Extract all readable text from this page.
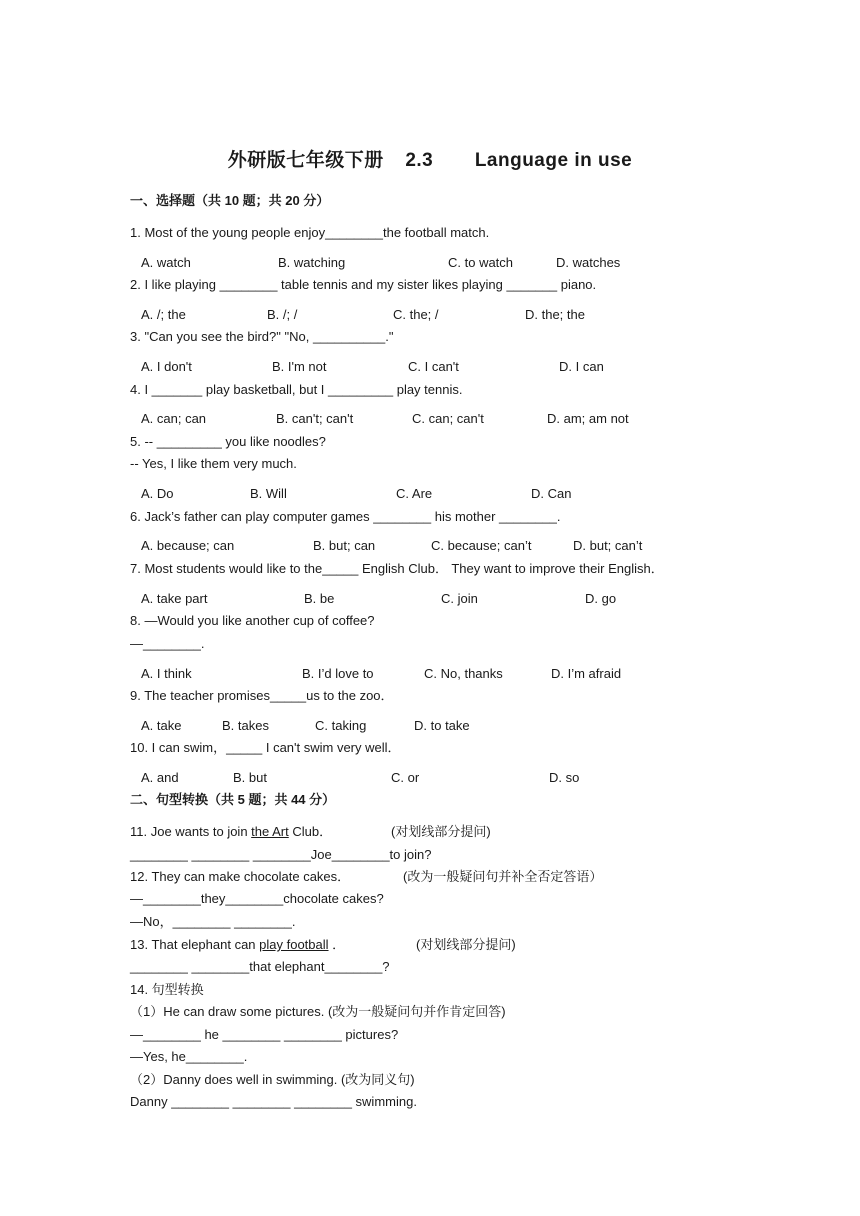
外研版七年级下册 2.3 Language in use
一、选择题（共 10 题；共 20 分）
1. Most of the young people enjoy________the football match.
A. watch	B. watching	C. to watch	D. watches
2. I like playing ________ table tennis and my sister likes playing _______ piano.
A. /; the	B. /; /	C. the; /	D. the; the
3. "Can you see the bird?" "No, __________."
A. I don't	B. I'm not	C. I can't	D. I can
4. I _______ play basketball, but I _________ play tennis.
A. can; can	B. can't; can't	C. can; can't	D. am; am not
5. -- _________ you like noodles?
-- Yes, I like them very much.
A. Do	B. Will	C. Are	D. Can
6. Jack’s father can play computer games ________ his mother ________.
A. because; can	B. but; can	C. because; can’t	D. but; can’t
7. Most students would like to the_____ English Club． They want to improve their English．
A. take part	B. be	C. join	D. go
8. —Would you like another cup of coffee?
—________.
A. I think	B. I’d love to	C. No, thanks	D. I’m afraid
9. The teacher promises_____us to the zoo．
A. take	B. takes	C. taking	D. to take
10. I can swim，_____ I can't swim very well．
A. and	B. but	C. or	D. so
二、句型转换（共 5 题；共 44 分）
11. Joe wants to join the Art Club．	(对划线部分提问)
________ ________ ________Joe________to join?
12. They can make chocolate cakes．	(改为一般疑问句并补全否定答语）
—________they________chocolate cakes?
—No，________ ________.
13. That elephant can play football ．	(对划线部分提问)
________ ________that elephant________?
14. 句型转换
（1）He can draw some pictures. (改为一般疑问句并作肯定回答)
—________ he ________ ________ pictures?
—Yes, he________.
（2）Danny does well in swimming. (改为同义句)
Danny ________ ________ ________ swimming.
